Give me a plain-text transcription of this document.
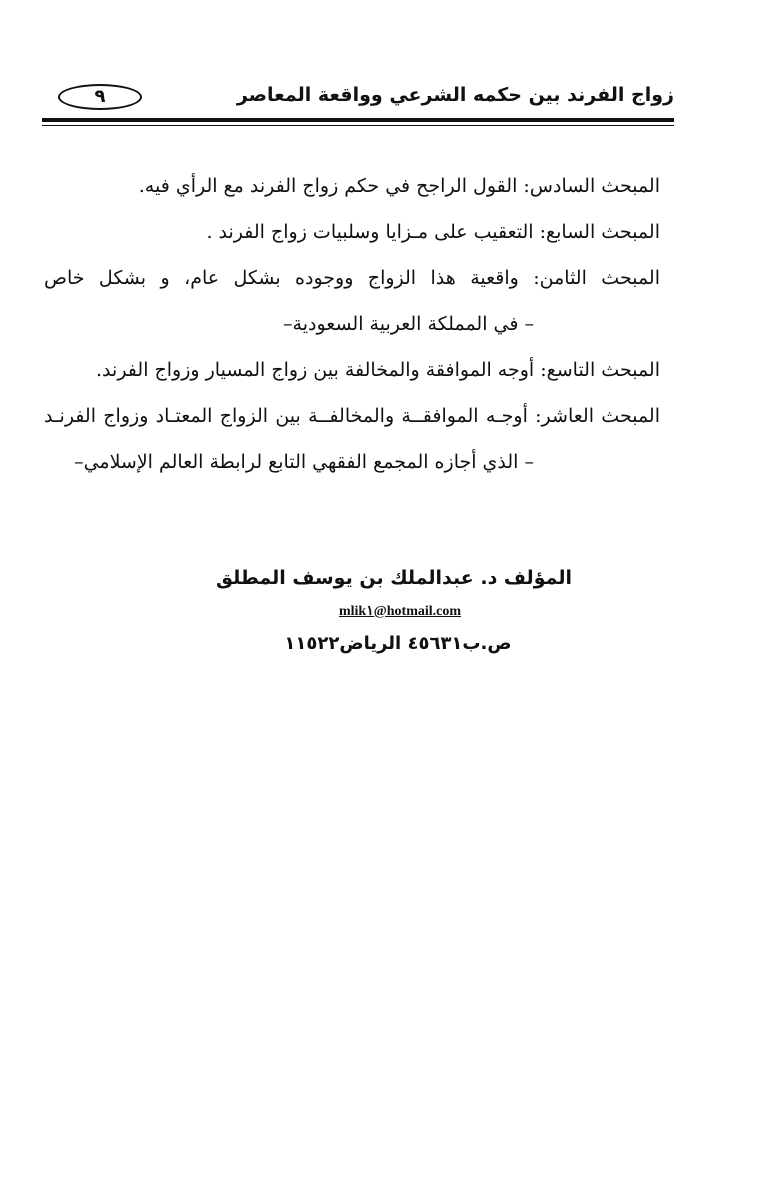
زواج الفرند بين حكمه الشرعي وواقعة المعاصر
٩
المبحث السادس: القول الراجح في حكم زواج الفرند مع الرأي فيه.
المبحث السابع: التعقيب على مـزايا وسلبيات زواج الفرند .
المبحث الثامن: واقعية هذا الزواج ووجوده بشكل عام، و بشكل خاص
– في المملكة العربية السعودية–
المبحث التاسع: أوجه الموافقة والمخالفة بين زواج المسيار وزواج الفرند.
المبحث العاشر: أوجـه الموافقــة والمخالفــة بين الزواج المعتـاد وزواج الفرنـد
– الذي أجازه المجمع الفقهي التابع لرابطة العالم الإسلامي–
المؤلف د. عبدالملك بن يوسف المطلق
mlik١@hotmail.com
ص.ب٤٥٦٣١ الرياض١١٥٢٢
